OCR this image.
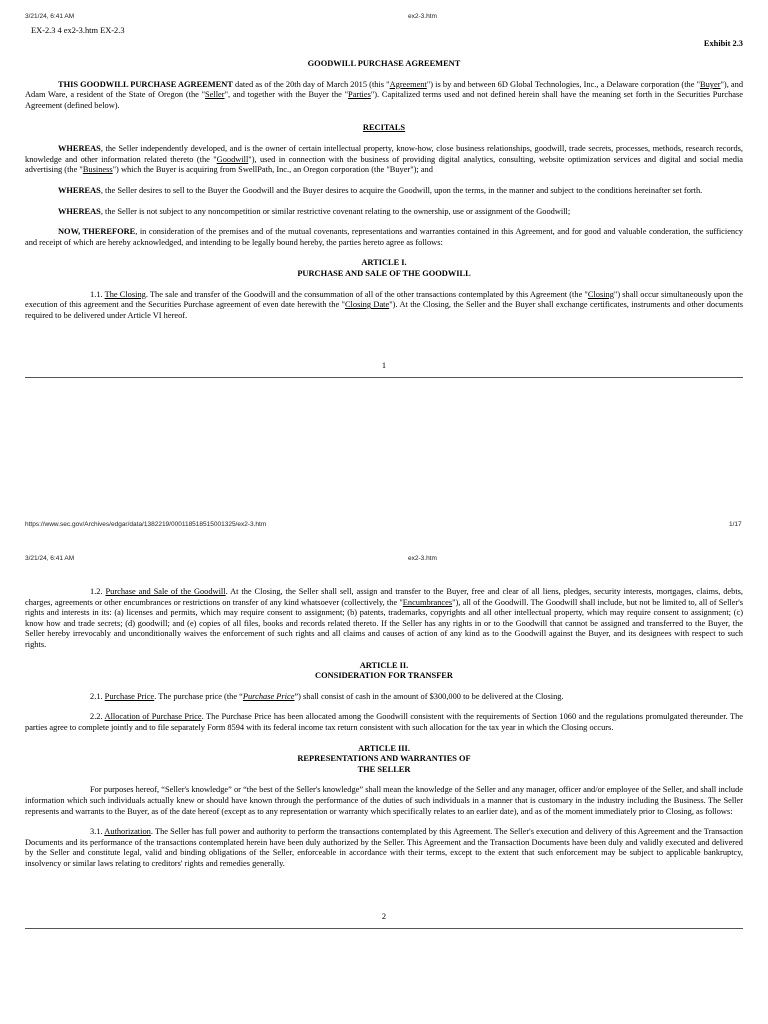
3/21/24, 6:41 AM	ex2-3.htm

EX-2.3 4 ex2-3.htm EX-2.3

Exhibit 2.3

GOODWILL PURCHASE AGREEMENT

THIS GOODWILL PURCHASE AGREEMENT dated as of the 20th day of March 2015 (this "Agreement") is by and between 6D Global Technologies, Inc., a Delaware corporation (the "Buyer"), and Adam Ware, a resident of the State of Oregon (the "Seller", and together with the Buyer the "Parties"). Capitalized terms used and not defined herein shall have the meaning set forth in the Securities Purchase Agreement (defined below).

RECITALS

WHEREAS, the Seller independently developed, and is the owner of certain intellectual property, know-how, close business relationships, goodwill, trade secrets, processes, methods, research records, knowledge and other information related thereto (the "Goodwill"), used in connection with the business of providing digital analytics, consulting, website optimization services and digital and social media advertising (the "Business") which the Buyer is acquiring from SwellPath, Inc., an Oregon corporation (the "Buyer"); and

WHEREAS, the Seller desires to sell to the Buyer the Goodwill and the Buyer desires to acquire the Goodwill, upon the terms, in the manner and subject to the conditions hereinafter set forth.

WHEREAS, the Seller is not subject to any noncompetition or similar restrictive covenant relating to the ownership, use or assignment of the Goodwill;

NOW, THEREFORE, in consideration of the premises and of the mutual covenants, representations and warranties contained in this Agreement, and for good and valuable conderation, the sufficiency and receipt of which are hereby acknowledged, and intending to be legally bound hereby, the parties hereto agree as follows:

ARTICLE I.

PURCHASE AND SALE OF THE GOODWILL

1.1. The Closing. The sale and transfer of the Goodwill and the consummation of all of the other transactions contemplated by this Agreement (the "Closing") shall occur simultaneously upon the execution of this agreement and the Securities Purchase agreement of even date herewith the "Closing Date"). At the Closing, the Seller and the Buyer shall exchange certificates, instruments and other documents required to be delivered under Article VI hereof.

1
https://www.sec.gov/Archives/edgar/data/1382219/000118518515001325/ex2-3.htm	1/17
3/21/24, 6:41 AM	ex2-3.htm

1.2. Purchase and Sale of the Goodwill. At the Closing, the Seller shall sell, assign and transfer to the Buyer, free and clear of all liens, pledges, security interests, mortgages, claims, debts, charges, agreements or other encumbrances or restrictions on transfer of any kind whatsoever (collectively, the "Encumbrances"), all of the Goodwill. The Goodwill shall include, but not be limited to, all of Seller's rights and interests in its: (a) licenses and permits, which may require consent to assignment; (b) patents, trademarks, copyrights and all other intellectual property, which may require consent to assignment; (c) know how and trade secrets; (d) goodwill; and (e) copies of all files, books and records related thereto. If the Seller has any rights in or to the Goodwill that cannot be assigned and transferred to the Buyer, the Seller hereby irrevocably and unconditionally waives the enforcement of such rights and all claims and causes of action of any kind as to the Goodwill against the Buyer, and its designees with respect to such rights.

ARTICLE II.

CONSIDERATION FOR TRANSFER

2.1. Purchase Price. The purchase price (the “Purchase Price”) shall consist of cash in the amount of $300,000 to be delivered at the Closing.

2.2. Allocation of Purchase Price. The Purchase Price has been allocated among the Goodwill consistent with the requirements of Section 1060 and the regulations promulgated thereunder. The parties agree to complete jointly and to file separately Form 8594 with its federal income tax return consistent with such allocation for the tax year in which the Closing occurs.

ARTICLE III.

REPRESENTATIONS AND WARRANTIES OF

THE SELLER

For purposes hereof, “Seller's knowledge” or “the best of the Seller's knowledge” shall mean the knowledge of the Seller and any manager, officer and/or employee of the Seller, and shall include information which such individuals actually knew or should have known through the performance of the duties of such individuals in a manner that is customary in the industry including the Business. The Seller represents and warrants to the Buyer, as of the date hereof (except as to any representation or warranty which specifically relates to an earlier date), and as of the moment immediately prior to Closing, as follows:

3.1. Authorization. The Seller has full power and authority to perform the transactions contemplated by this Agreement. The Seller's execution and delivery of this Agreement and the Transaction Documents and its performance of the transactions contemplated herein have been duly authorized by the Seller. This Agreement and the Transaction Documents have been duly and validly executed and delivered by the Seller and constitute legal, valid and binding obligations of the Seller, enforceable in accordance with their terms, except to the extent that such enforcement may be subject to applicable bankruptcy, insolvency or similar laws relating to creditors' rights and remedies generally.

2
